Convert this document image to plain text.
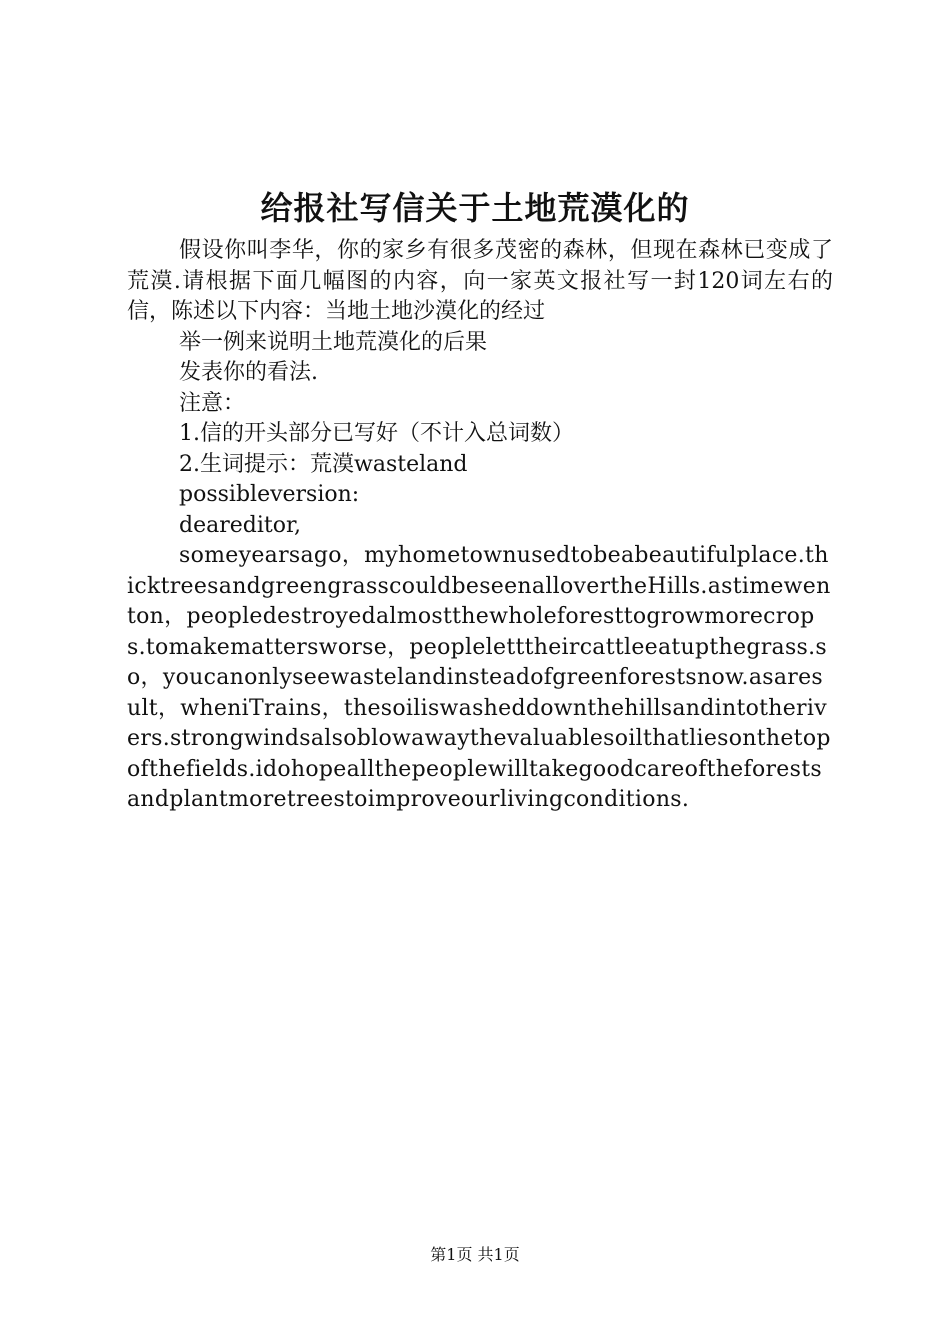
给报社写信关于土地荒漠化的

假设你叫李华，你的家乡有很多茂密的森林，但现在森林已变成了荒漠.请根据下面几幅图的内容，向一家英文报社写一封120词左右的信，陈述以下内容：当地土地沙漠化的经过

举一例来说明土地荒漠化的后果

发表你的看法.

注意：

1.信的开头部分已写好（不计入总词数）

2.生词提示：荒漠wasteland

possibleversion:

deareditor,

someyearsago，myhometownusedtobeabeautifulplace.thicktreesandgreengrasscouldbeseenallovertheHills.astimewenton，peopledestroyedalmostthewholeforesttogrowmorecrops.tomakemattersworse，peopleletttheircattleeatupthegrass.so，youcanonlyseewastelandinsteadofgreenforestsnow.asaresult，wheniTrains，thesoiliswasheddownthehillsandintotherivers.strongwindsalsoblowawaythevaluablesoilthatliesonthetopofthefields.idohopeallthepeoplewilltakegoodcareoftheforestsandplantmoretreestoimproveourlivingconditions.

第1页 共1页
